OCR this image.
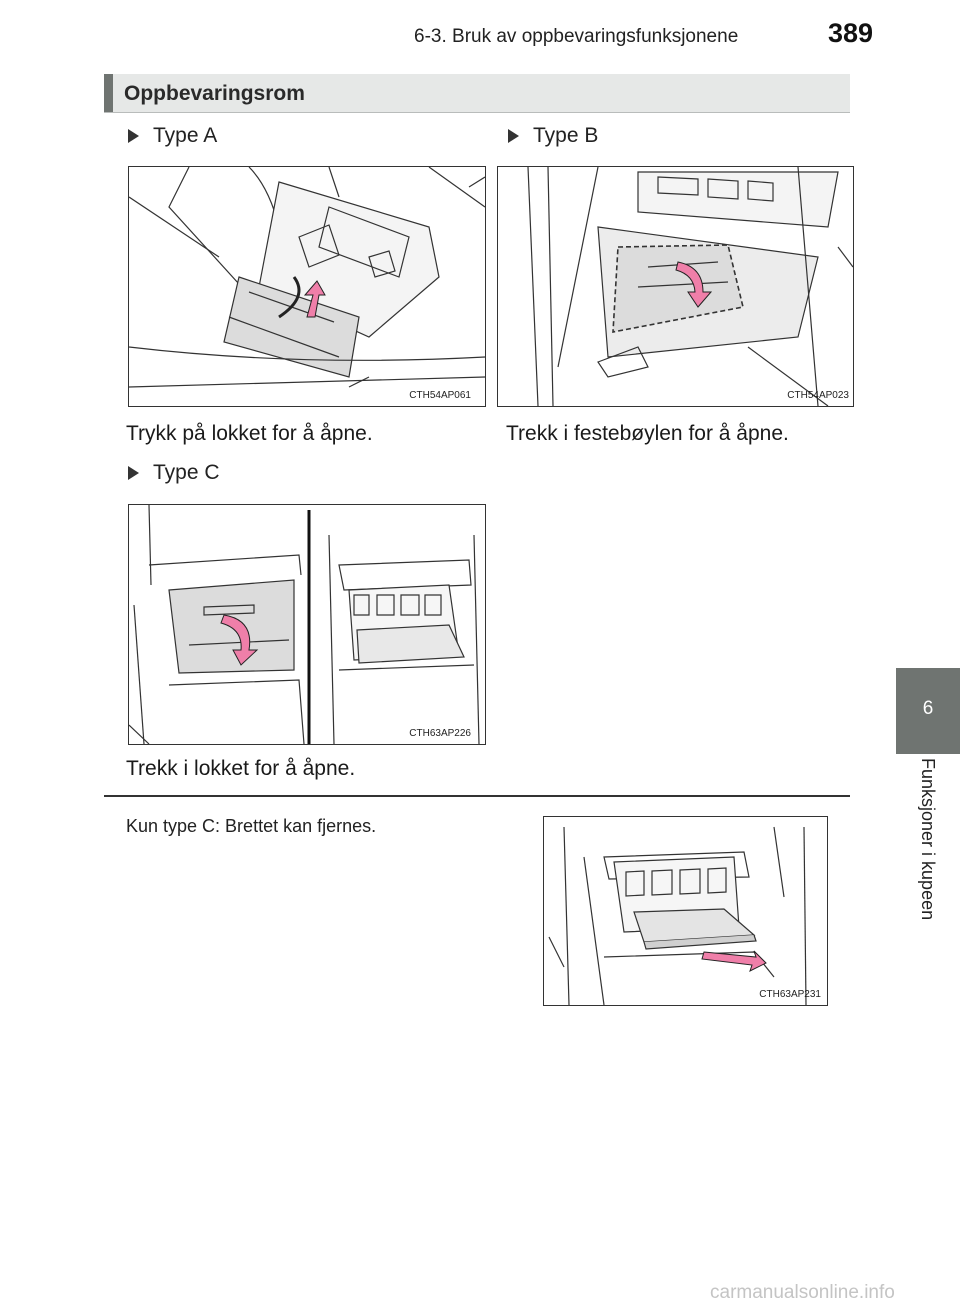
6-3. Bruk av oppbevaringsfunksjonene	389
Oppbevaringsrom
Type A
CTH54AP061
Trykk på lokket for å åpne.
Type B
CTH54AP023
Trekk i festebøylen for å åpne.
Type C
CTH63AP226
Trekk i lokket for å åpne.
Kun type C: Brettet kan fjernes.
CTH63AP231
6
Funksjoner i kupeen
carmanualsonline.info
